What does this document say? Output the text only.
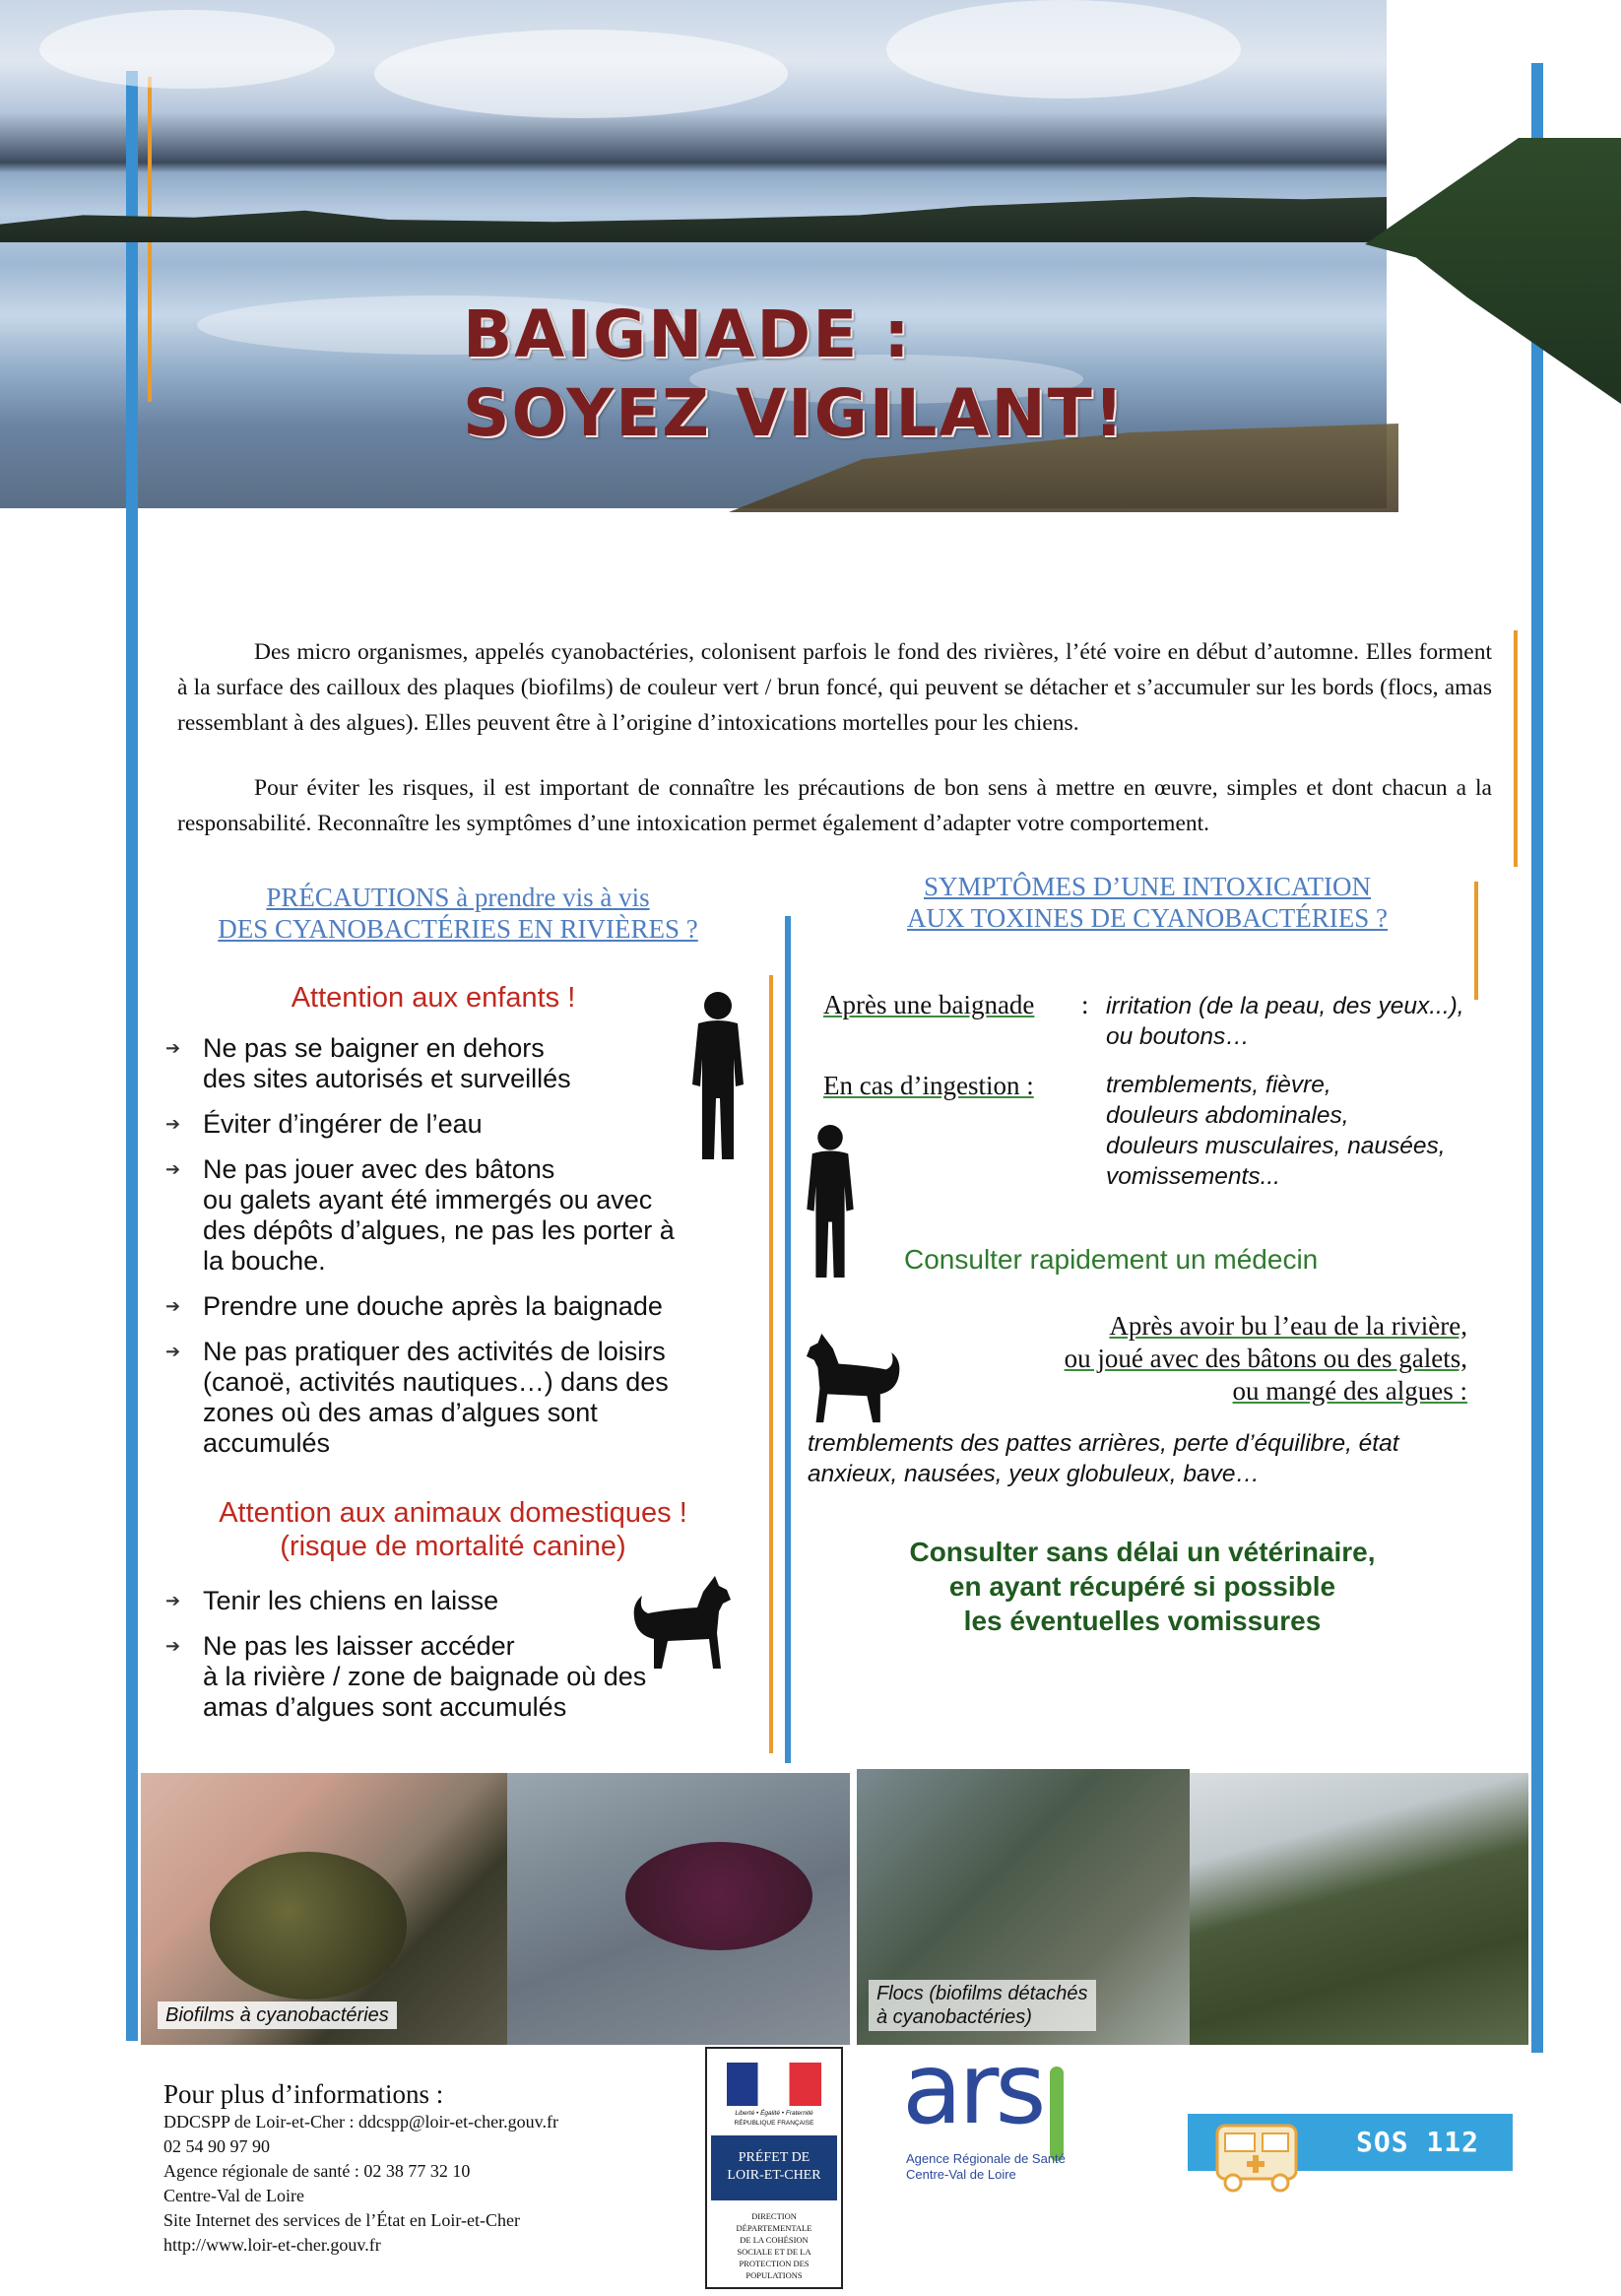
BAIGNADE :
SOYEZ VIGILANT!
Des micro organismes, appelés cyanobactéries, colonisent parfois le fond des rivières, l’été voire en début d’automne. Elles forment à la surface des cailloux des plaques (biofilms) de couleur vert / brun foncé, qui peuvent se détacher et s’accumuler sur les bords (flocs, amas ressemblant à des algues). Elles peuvent être à l’origine d’intoxications mortelles pour les chiens.
Pour éviter les risques, il est important de connaître les précautions de bon sens à mettre en œuvre, simples et dont chacun a la responsabilité. Reconnaître les symptômes d’une intoxication permet également d’adapter votre comportement.
PRÉCAUTIONS à prendre vis à vis
DES CYANOBACTÉRIES EN RIVIÈRES ?
SYMPTÔMES D’UNE INTOXICATION
AUX TOXINES DE CYANOBACTÉRIES ?
Attention aux enfants !
➔ Ne pas se baigner en dehors
des sites autorisés et surveillés
➔ Éviter d’ingérer de l’eau
➔ Ne pas jouer avec des bâtons
ou galets ayant été immergés ou avec
des dépôts d’algues, ne pas les porter à
la bouche.
➔ Prendre une douche après la baignade
➔ Ne pas pratiquer des activités de loisirs
(canoë, activités nautiques…) dans des
zones où des amas d’algues sont
accumulés
Attention aux animaux domestiques !
(risque de mortalité canine)
➔ Tenir les chiens en laisse
➔ Ne pas les laisser accéder
à la rivière / zone de baignade où des
amas d’algues sont accumulés
Après une baignade : irritation (de la peau, des yeux...),
ou boutons…
En cas d’ingestion :	tremblements, fièvre,
douleurs abdominales,
douleurs musculaires, nausées,
vomissements...
Consulter rapidement un médecin
Après avoir bu l’eau de la rivière,
ou joué avec des bâtons ou des galets,
ou mangé des algues :
tremblements des pattes arrières, perte d’équilibre, état
anxieux, nausées, yeux globuleux, bave…
Consulter sans délai un vétérinaire,
en ayant récupéré si possible
les éventuelles vomissures
Biofilms à cyanobactéries
Flocs (biofilms détachés
à cyanobactéries)
Pour plus d’informations :
DDCSPP de Loir-et-Cher : ddcspp@loir-et-cher.gouv.fr
02 54 90 97 90
Agence régionale de santé : 02 38 77 32 10
Centre-Val de Loire
Site Internet des services de l’État en Loir-et-Cher
http://www.loir-et-cher.gouv.fr
Liberté • Égalité • Fraternité
RÉPUBLIQUE FRANÇAISE
PRÉFET DE
LOIR-ET-CHER
DIRECTION
DÉPARTEMENTALE
DE LA COHÉSION
SOCIALE ET DE LA
PROTECTION DES
POPULATIONS
ars
Agence Régionale de Santé
Centre-Val de Loire
SOS 112
